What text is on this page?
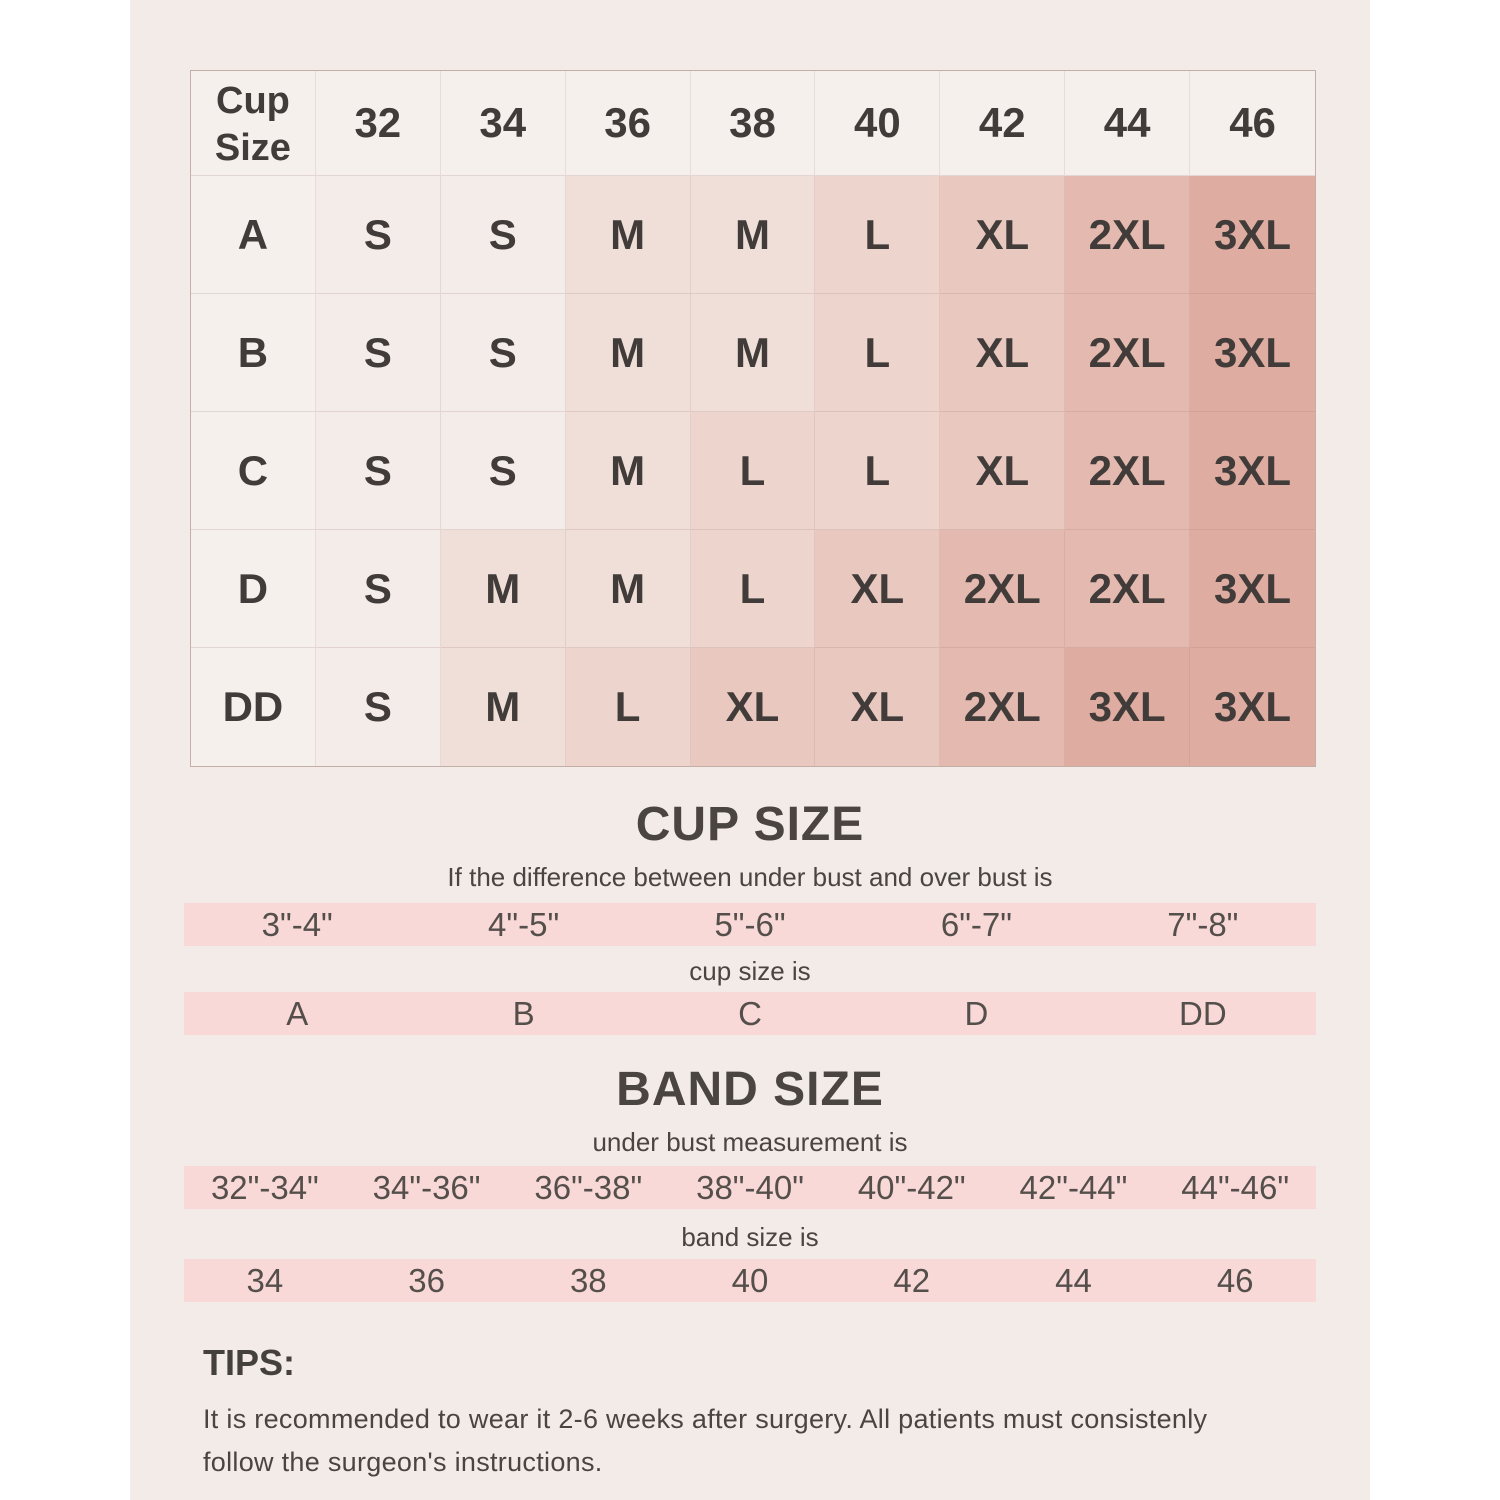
Cup Size
32	34	36	38	40	42	44	46
A	S	S	M	M	L	XL	2XL	3XL
B	S	S	M	M	L	XL	2XL	3XL
C	S	S	M	L	L	XL	2XL	3XL
D	S	M	M	L	XL	2XL	2XL	3XL
DD	S	M	L	XL	XL	2XL	3XL	3XL
CUP SIZE
If the difference between under bust and over bust is
3"-4"	4"-5"	5"-6"	6"-7"	7"-8"
cup size is
A	B	C	D	DD
BAND SIZE
under bust measurement is
32"-34"	34"-36"	36"-38"	38"-40"	40"-42"	42"-44"	44"-46"
band size is
34	36	38	40	42	44	46
TIPS:
It is recommended to wear it 2-6 weeks after surgery. All patients must consistenly
follow the surgeon's instructions.
